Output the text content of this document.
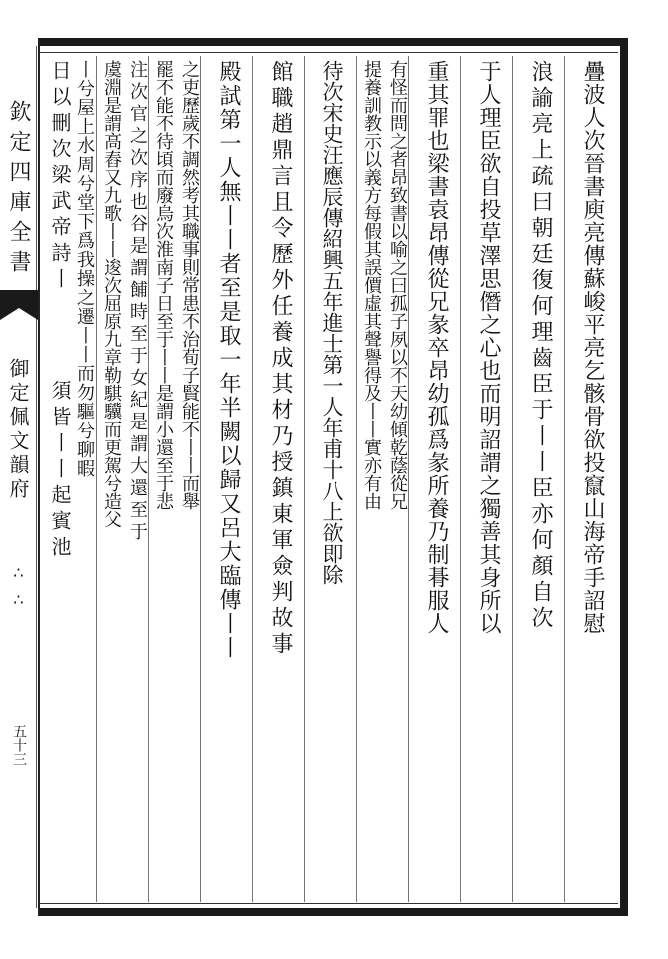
欽定四庫全書
御定佩文韻府
∴∴
五十三
疊波人次晉書庾亮傳蘇峻平亮乞骸骨欲投竄山海帝手詔慰
浪諭亮上疏曰朝廷復何理齒臣于丨丨臣亦何顏自次
于人理臣欲自投草澤思僭之心也而明詔謂之獨善其身所以
重其罪也梁書袁昂傳從兄彖卒昂幼孤爲彖所養乃制朞服人
有怪而問之者昂致書以喻之曰孤子夙以不天幼傾乾蔭從兄
提養訓教示以義方每假其誤價虛其聲譽得及丨丨實亦有由
待次宋史汪應辰傳紹興五年進士第一人年甫十八上欲即除
館職趙鼎言且令歷外任養成其材乃授鎮東軍僉判故事
殿試第一人無丨丨者至是取一年半闕以歸又呂大臨傳丨丨
之吏歷歲不調然考其職事則常患不治荀子賢能不丨丨而舉
罷不能不待頃而廢烏次淮南子日至于丨丨是謂小還至于悲
注次官之次序也谷是謂餔時至于女紀是謂大還至于
虞淵是謂高舂又九歌丨丨逡次屈原九章勒騏驥而更駕兮造父
丨兮屋上水周兮堂下爲我操之遷丨丨而勿驅兮聊暇
日以刪次梁武帝詩丨
須皆丨丨起賓池
